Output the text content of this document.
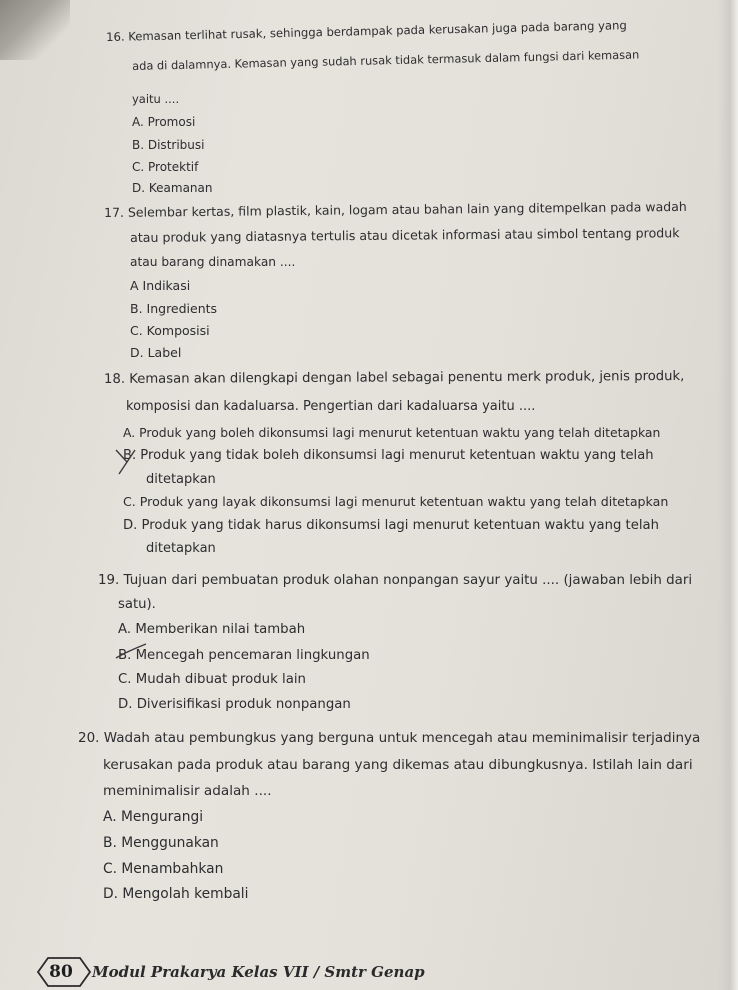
16. Kemasan terlihat rusak, sehingga berdampak pada kerusakan juga pada barang yang
ada di dalamnya. Kemasan yang sudah rusak tidak termasuk dalam fungsi dari kemasan
yaitu ....
A. Promosi
B. Distribusi
C. Protektif
D. Keamanan
17. Selembar kertas, film plastik, kain, logam atau bahan lain yang ditempelkan pada wadah
atau produk yang diatasnya tertulis atau dicetak informasi atau simbol tentang produk
atau barang dinamakan ....
A Indikasi
B. Ingredients
C. Komposisi
D. Label
18. Kemasan akan dilengkapi dengan label sebagai penentu merk produk, jenis produk,
komposisi dan kadaluarsa. Pengertian dari kadaluarsa yaitu ....
A. Produk yang boleh dikonsumsi lagi menurut ketentuan waktu yang telah ditetapkan
B. Produk yang tidak boleh dikonsumsi lagi menurut ketentuan waktu yang telah
ditetapkan
C. Produk yang layak dikonsumsi lagi menurut ketentuan waktu yang telah ditetapkan
D. Produk yang tidak harus dikonsumsi lagi menurut ketentuan waktu yang telah
ditetapkan
19. Tujuan dari pembuatan produk olahan nonpangan sayur yaitu .... (jawaban lebih dari
satu).
A. Memberikan nilai tambah
B. Mencegah pencemaran lingkungan
C. Mudah dibuat produk lain
D. Diverisifikasi produk nonpangan
20. Wadah atau pembungkus yang berguna untuk mencegah atau meminimalisir terjadinya
kerusakan pada produk atau barang yang dikemas atau dibungkusnya. Istilah lain dari
meminimalisir adalah ....
A. Mengurangi
B. Menggunakan
C. Menambahkan
D. Mengolah kembali
80 Modul Prakarya Kelas VII / Smtr Genap
